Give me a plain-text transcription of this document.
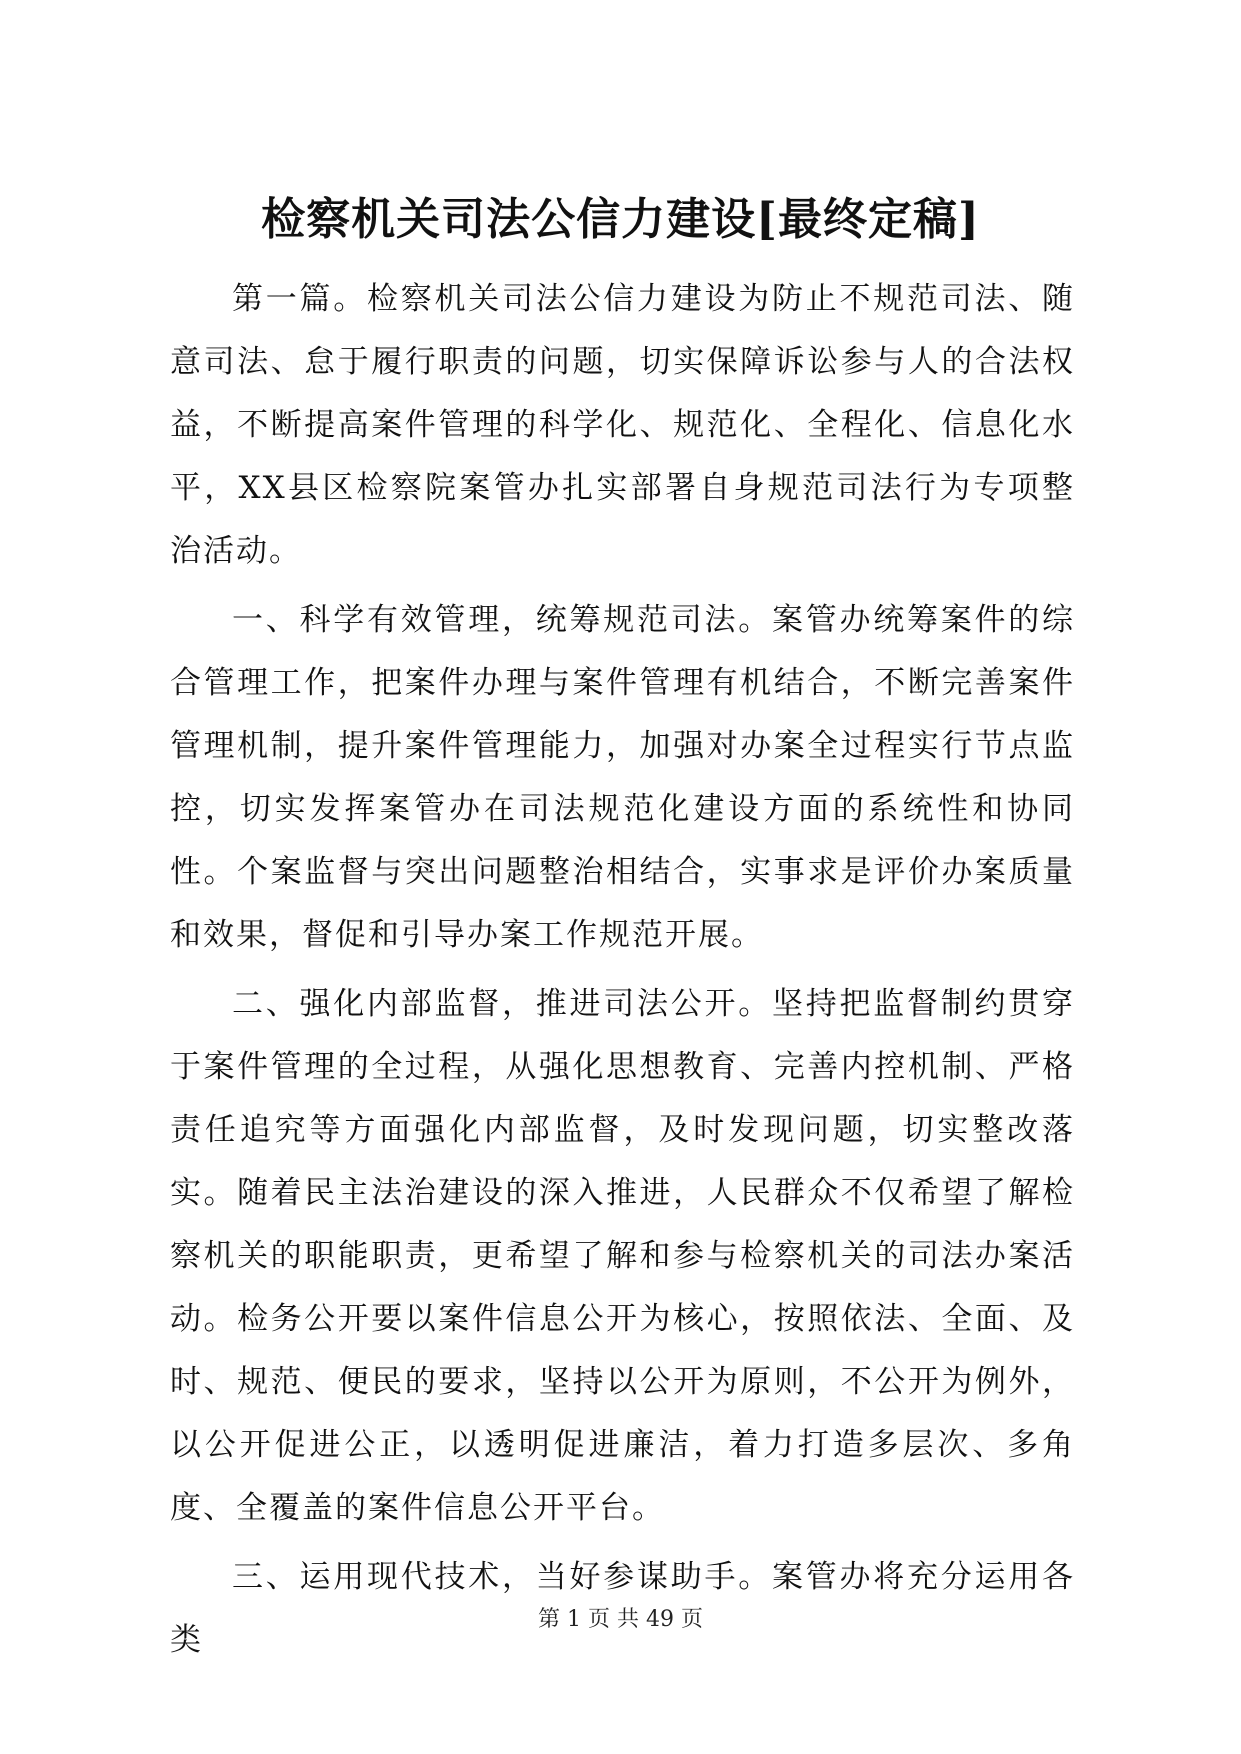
检察机关司法公信力建设[最终定稿]

第一篇。检察机关司法公信力建设为防止不规范司法、随意司法、怠于履行职责的问题，切实保障诉讼参与人的合法权益，不断提高案件管理的科学化、规范化、全程化、信息化水平，XX县区检察院案管办扎实部署自身规范司法行为专项整治活动。

一、科学有效管理，统筹规范司法。案管办统筹案件的综合管理工作，把案件办理与案件管理有机结合，不断完善案件管理机制，提升案件管理能力，加强对办案全过程实行节点监控，切实发挥案管办在司法规范化建设方面的系统性和协同性。个案监督与突出问题整治相结合，实事求是评价办案质量和效果，督促和引导办案工作规范开展。

二、强化内部监督，推进司法公开。坚持把监督制约贯穿于案件管理的全过程，从强化思想教育、完善内控机制、严格责任追究等方面强化内部监督，及时发现问题，切实整改落实。随着民主法治建设的深入推进，人民群众不仅希望了解检察机关的职能职责，更希望了解和参与检察机关的司法办案活动。检务公开要以案件信息公开为核心，按照依法、全面、及时、规范、便民的要求，坚持以公开为原则，不公开为例外，以公开促进公正，以透明促进廉洁，着力打造多层次、多角度、全覆盖的案件信息公开平台。

三、运用现代技术，当好参谋助手。案管办将充分运用各类

第 1 页 共 49 页
